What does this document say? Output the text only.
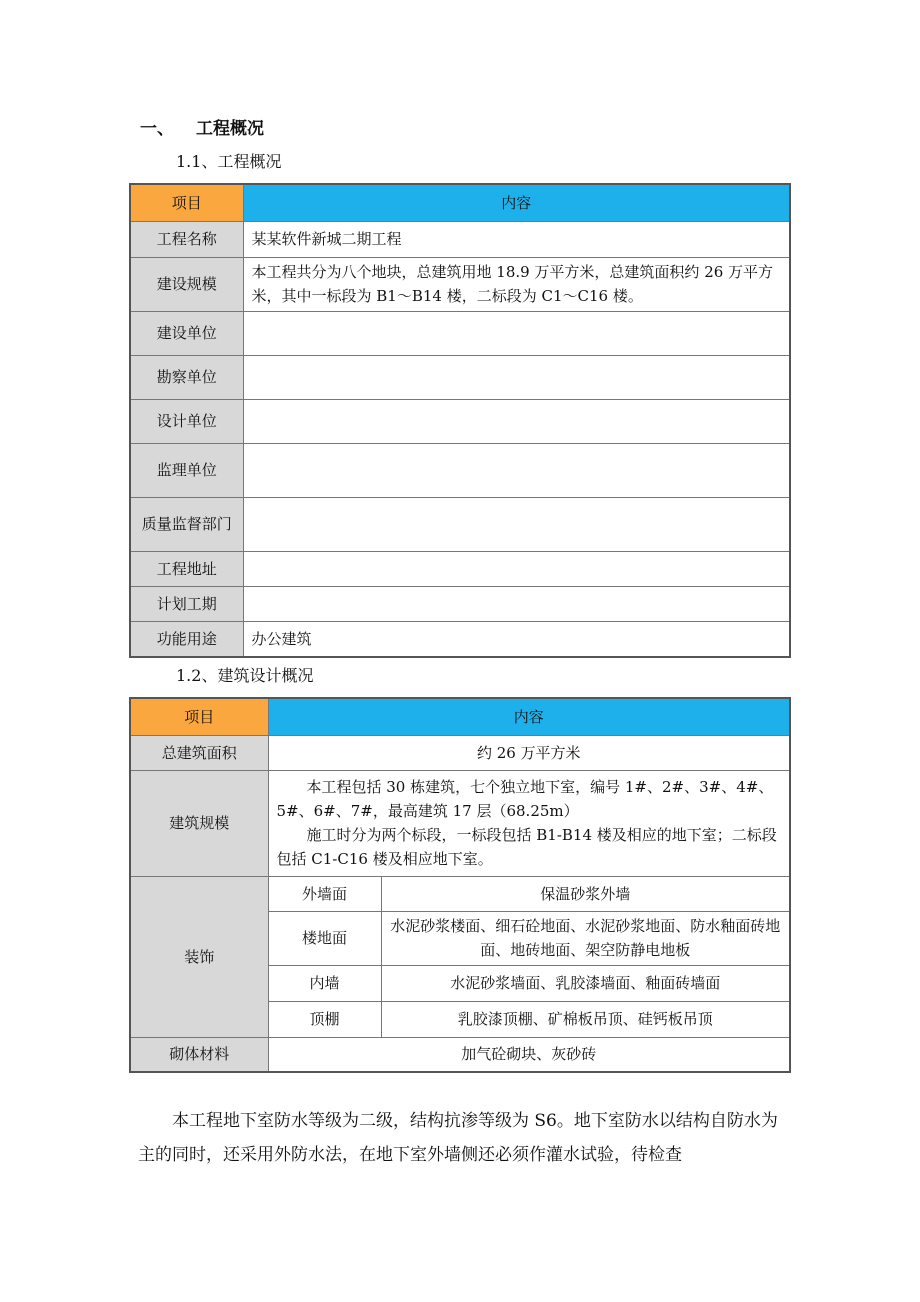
一、 工程概况
1.1、工程概况
项目	内容
工程名称	某某软件新城二期工程
建设规模	本工程共分为八个地块，总建筑用地 18.9 万平方米，总建筑面积约 26 万平方米，其中一标段为 B1～B14 楼，二标段为 C1～C16 楼。
建设单位	
勘察单位	
设计单位	
监理单位	
质量监督部门	
工程地址	
计划工期	
功能用途	办公建筑
1.2、建筑设计概况
项目	内容	
总建筑面积	约 26 万平方米	
建筑规模	本工程包括 30 栋建筑，七个独立地下室，编号 1#、2#、3#、4#、5#、6#、7#，最高建筑 17 层（68.25m）
施工时分为两个标段，一标段包括 B1-B14 楼及相应的地下室；二标段包括 C1-C16 楼及相应地下室。	

装饰	外墙面	保温砂浆外墙
	楼地面	水泥砂浆楼面、细石砼地面、水泥砂浆地面、防水釉面砖地面、地砖地面、架空防静电地板
	内墙	水泥砂浆墙面、乳胶漆墙面、釉面砖墙面
	顶棚	乳胶漆顶棚、矿棉板吊顶、硅钙板吊顶
砌体材料	加气砼砌块、灰砂砖	

本工程地下室防水等级为二级，结构抗渗等级为 S6。地下室防水以结构自防水为主的同时，还采用外防水法，在地下室外墙侧还必须作灌水试验，待检查
